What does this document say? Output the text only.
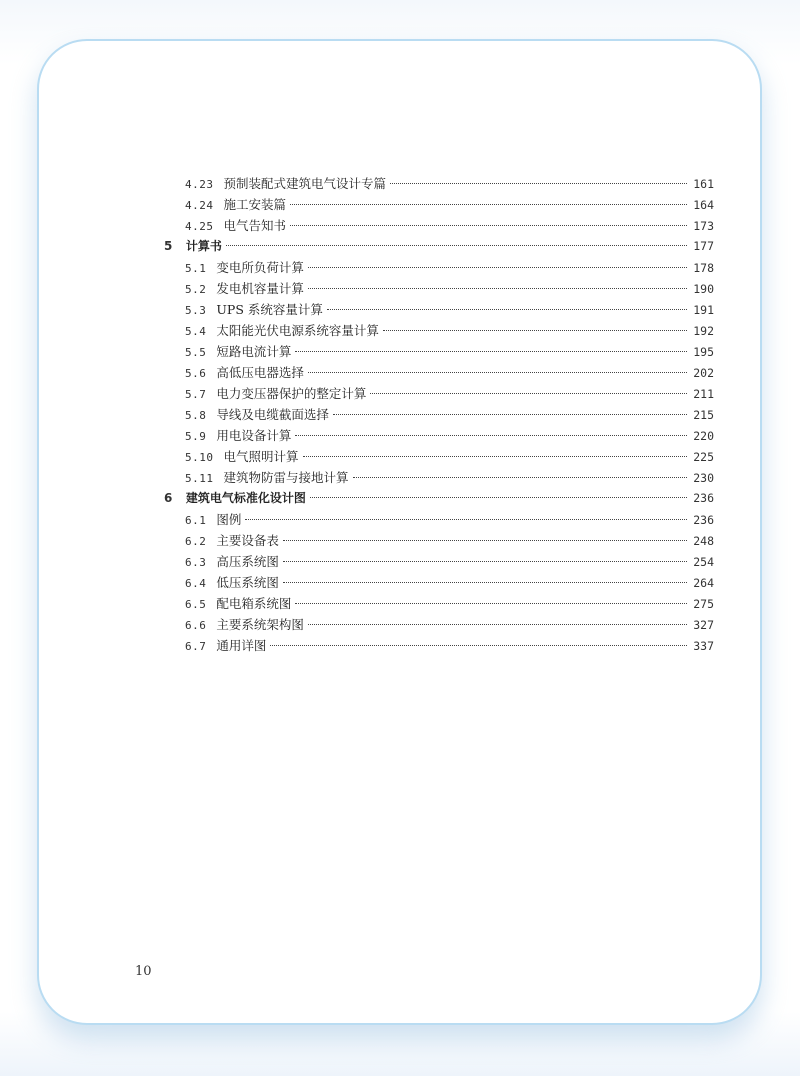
4.23 预制装配式建筑电气设计专篇	161
4.24 施工安装篇	164
4.25 电气告知书	173
5 计算书	177
5.1 变电所负荷计算	178
5.2 发电机容量计算	190
5.3 UPS 系统容量计算	191
5.4 太阳能光伏电源系统容量计算	192
5.5 短路电流计算	195
5.6 高低压电器选择	202
5.7 电力变压器保护的整定计算	211
5.8 导线及电缆截面选择	215
5.9 用电设备计算	220
5.10 电气照明计算	225
5.11 建筑物防雷与接地计算	230
6 建筑电气标准化设计图	236
6.1 图例	236
6.2 主要设备表	248
6.3 高压系统图	254
6.4 低压系统图	264
6.5 配电箱系统图	275
6.6 主要系统架构图	327
6.7 通用详图	337
10
